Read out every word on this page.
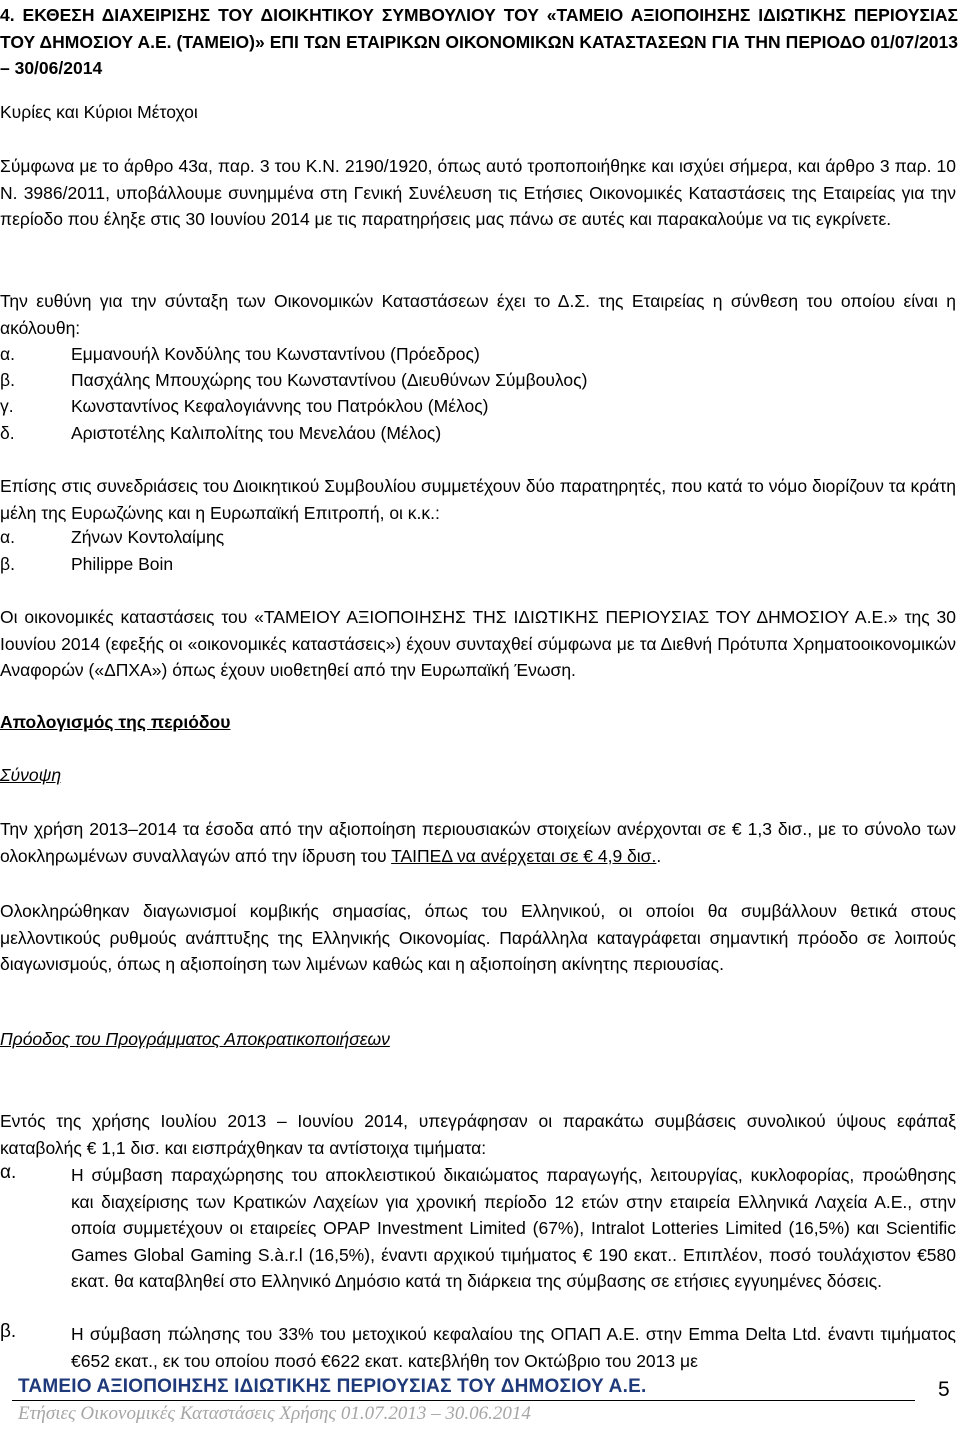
4. ΕΚΘΕΣΗ ΔΙΑΧΕΙΡΙΣΗΣ ΤΟΥ ΔΙΟΙΚΗΤΙΚΟΥ ΣΥΜΒΟΥΛΙΟΥ ΤΟΥ «ΤΑΜΕΙΟ ΑΞΙΟΠΟΙΗΣΗΣ ΙΔΙΩΤΙΚΗΣ ΠΕΡΙΟΥΣΙΑΣ ΤΟΥ ΔΗΜΟΣΙΟΥ Α.Ε. (ΤΑΜΕΙΟ)» ΕΠΙ ΤΩΝ ΕΤΑΙΡΙΚΩΝ ΟΙΚΟΝΟΜΙΚΩΝ ΚΑΤΑΣΤΑΣΕΩΝ ΓΙΑ ΤΗΝ ΠΕΡΙΟΔΟ 01/07/2013 – 30/06/2014
Κυρίες και Κύριοι Μέτοχοι
Σύμφωνα με το άρθρο 43α, παρ. 3 του Κ.Ν. 2190/1920, όπως αυτό τροποποιήθηκε και ισχύει σήμερα, και άρθρο 3 παρ. 10 Ν. 3986/2011, υποβάλλουμε συνημμένα στη Γενική Συνέλευση τις Ετήσιες Οικονομικές Καταστάσεις της Εταιρείας για την περίοδο που έληξε στις 30 Ιουνίου 2014 με τις παρατηρήσεις μας πάνω σε αυτές και παρακαλούμε να τις εγκρίνετε.
Την ευθύνη για την σύνταξη των Οικονομικών Καταστάσεων έχει το Δ.Σ. της Εταιρείας η σύνθεση του οποίου είναι η ακόλουθη:
α.	Εμμανουήλ Κονδύλης του Κωνσταντίνου (Πρόεδρος)
β.	Πασχάλης Μπουχώρης του Κωνσταντίνου (Διευθύνων Σύμβουλος)
γ.	Κωνσταντίνος Κεφαλογιάννης του Πατρόκλου (Μέλος)
δ.	Αριστοτέλης Καλιπολίτης του Μενελάου (Μέλος)
Επίσης στις συνεδριάσεις του Διοικητικού Συμβουλίου συμμετέχουν δύο παρατηρητές, που κατά το νόμο διορίζουν τα κράτη μέλη της Ευρωζώνης και η Ευρωπαϊκή Επιτροπή, οι κ.κ.:
α.	Ζήνων Κοντολαίμης
β.	Philippe Boin
Οι οικονομικές καταστάσεις του «ΤΑΜΕΙΟΥ ΑΞΙΟΠΟΙΗΣΗΣ ΤΗΣ ΙΔΙΩΤΙΚΗΣ ΠΕΡΙΟΥΣΙΑΣ ΤΟΥ ΔΗΜΟΣΙΟΥ Α.Ε.» της 30 Ιουνίου 2014 (εφεξής οι «οικονομικές καταστάσεις») έχουν συνταχθεί σύμφωνα με τα Διεθνή Πρότυπα Χρηματοοικονομικών Αναφορών («ΔΠΧΑ») όπως έχουν υιοθετηθεί από την Ευρωπαϊκή Ένωση.
Απολογισμός της περιόδου
Σύνοψη
Την χρήση 2013–2014 τα έσοδα από την αξιοποίηση περιουσιακών στοιχείων ανέρχονται σε € 1,3 δισ., με το σύνολο των ολοκληρωμένων συναλλαγών από την ίδρυση του ΤΑΙΠΕΔ να ανέρχεται σε € 4,9 δισ..
Ολοκληρώθηκαν διαγωνισμοί κομβικής σημασίας, όπως του Ελληνικού, οι οποίοι θα συμβάλλουν θετικά στους μελλοντικούς ρυθμούς ανάπτυξης της Ελληνικής Οικονομίας. Παράλληλα καταγράφεται σημαντική πρόοδο σε λοιπούς διαγωνισμούς, όπως η αξιοποίηση των λιμένων καθώς και η αξιοποίηση ακίνητης περιουσίας.
Πρόοδος του Προγράμματος Αποκρατικοποιήσεων
Εντός της χρήσης Ιουλίου 2013 – Ιουνίου 2014, υπεγράφησαν οι παρακάτω συμβάσεις συνολικού ύψους εφάπαξ καταβολής € 1,1 δισ. και εισπράχθηκαν τα αντίστοιχα τιμήματα:
α.	Η σύμβαση παραχώρησης του αποκλειστικού δικαιώματος παραγωγής, λειτουργίας, κυκλοφορίας, προώθησης και διαχείρισης των Κρατικών Λαχείων για χρονική περίοδο 12 ετών στην εταιρεία Ελληνικά Λαχεία Α.Ε., στην οποία συμμετέχουν οι εταιρείες OPAP Investment Limited (67%), Intralot Lotteries Limited (16,5%) και Scientific Games Global Gaming S.à.r.l (16,5%), έναντι αρχικού τιμήματος € 190 εκατ.. Επιπλέον, ποσό τουλάχιστον €580 εκατ. θα καταβληθεί στο Ελληνικό Δημόσιο κατά τη διάρκεια της σύμβασης σε ετήσιες εγγυημένες δόσεις.
β.	Η σύμβαση πώλησης του 33% του μετοχικού κεφαλαίου της ΟΠΑΠ Α.Ε. στην Emma Delta Ltd. έναντι τιμήματος €652 εκατ., εκ του οποίου ποσό €622 εκατ. κατεβλήθη τον Οκτώβριο του 2013 με
ΤΑΜΕΙΟ ΑΞΙΟΠΟΙΗΣΗΣ ΙΔΙΩΤΙΚΗΣ ΠΕΡΙΟΥΣΙΑΣ ΤΟΥ ΔΗΜΟΣΙΟΥ Α.Ε.	5
Ετήσιες Οικονομικές Καταστάσεις Χρήσης 01.07.2013 – 30.06.2014
